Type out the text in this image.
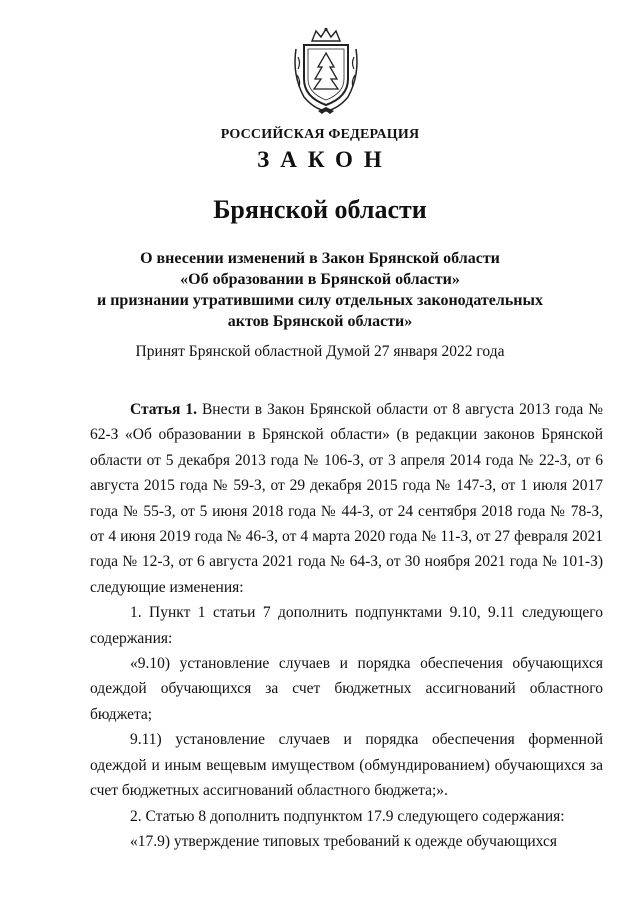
РОССИЙСКАЯ ФЕДЕРАЦИЯ
ЗАКОН
Брянской области
О внесении изменений в Закон Брянской области
«Об образовании в Брянской области»
и признании утратившими силу отдельных законодательных
актов Брянской области»
Принят Брянской областной Думой 27 января 2022 года

Статья 1. Внести в Закон Брянской области от 8 августа 2013 года № 62-З «Об образовании в Брянской области» (в редакции законов Брянской области от 5 декабря 2013 года № 106-З, от 3 апреля 2014 года № 22-З, от 6 августа 2015 года № 59-З, от 29 декабря 2015 года № 147-З, от 1 июля 2017 года № 55-З, от 5 июня 2018 года № 44-З, от 24 сентября 2018 года № 78-З, от 4 июня 2019 года № 46-З, от 4 марта 2020 года № 11-З, от 27 февраля 2021 года № 12-З, от 6 августа 2021 года № 64-З, от 30 ноября 2021 года № 101-З) следующие изменения:

1. Пункт 1 статьи 7 дополнить подпунктами 9.10, 9.11 следующего содержания:

«9.10) установление случаев и порядка обеспечения обучающихся одеждой обучающихся за счет бюджетных ассигнований областного бюджета;

9.11) установление случаев и порядка обеспечения форменной одеждой и иным вещевым имуществом (обмундированием) обучающихся за счет бюджетных ассигнований областного бюджета;».

2. Статью 8 дополнить подпунктом 17.9 следующего содержания:

«17.9) утверждение типовых требований к одежде обучающихся
